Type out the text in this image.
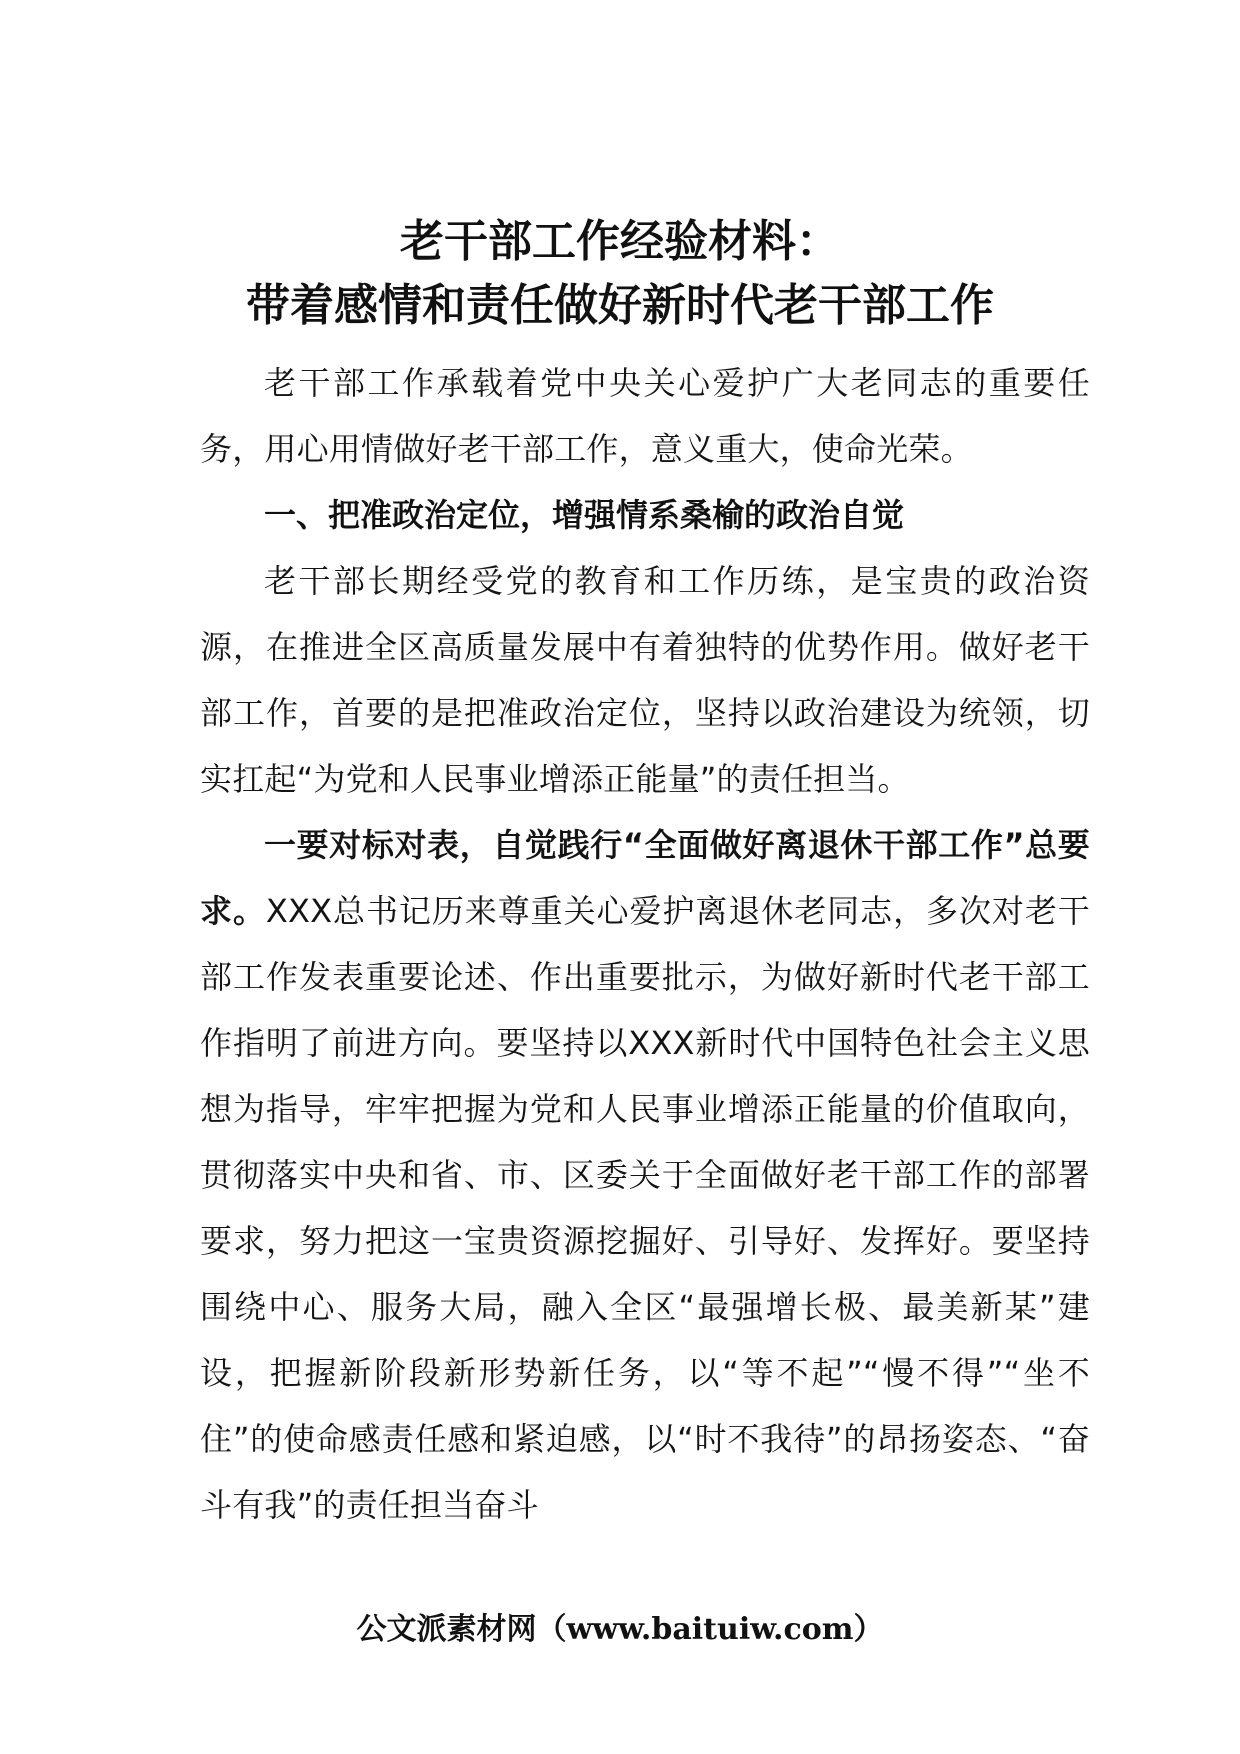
老干部工作经验材料：

带着感情和责任做好新时代老干部工作

老干部工作承载着党中央关心爱护广大老同志的重要任务，用心用情做好老干部工作，意义重大，使命光荣。

一、把准政治定位，增强情系桑榆的政治自觉

老干部长期经受党的教育和工作历练，是宝贵的政治资源，在推进全区高质量发展中有着独特的优势作用。做好老干部工作，首要的是把准政治定位，坚持以政治建设为统领，切实扛起“为党和人民事业增添正能量”的责任担当。

一要对标对表，自觉践行“全面做好离退休干部工作”总要求。XXX总书记历来尊重关心爱护离退休老同志，多次对老干部工作发表重要论述、作出重要批示，为做好新时代老干部工作指明了前进方向。要坚持以XXX新时代中国特色社会主义思想为指导，牢牢把握为党和人民事业增添正能量的价值取向，贯彻落实中央和省、市、区委关于全面做好老干部工作的部署要求，努力把这一宝贵资源挖掘好、引导好、发挥好。要坚持围绕中心、服务大局，融入全区“最强增长极、最美新某”建设，把握新阶段新形势新任务，以“等不起”“慢不得”“坐不住”的使命感责任感和紧迫感，以“时不我待”的昂扬姿态、“奋斗有我”的责任担当奋斗

公文派素材网（www.baituiw.com）
